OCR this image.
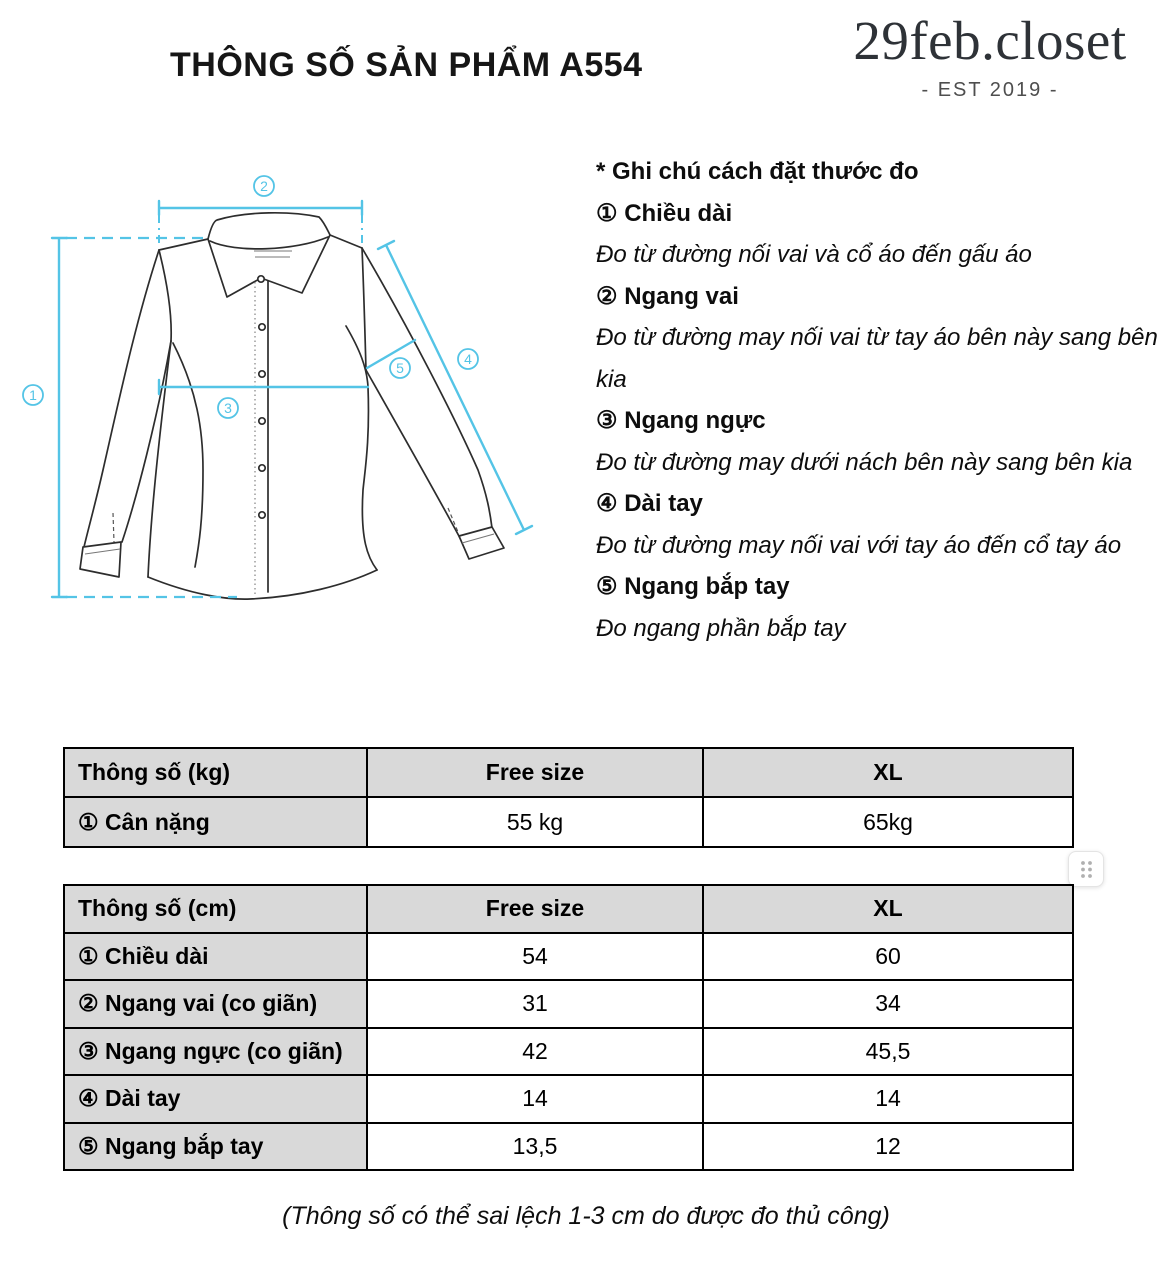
THÔNG SỐ SẢN PHẨM A554	29feb.closet
- EST 2019 -
1
2
3
4
5
* Ghi chú cách đặt thước đo
① Chiều dài
Đo từ đường nối vai và cổ áo đến gấu áo
② Ngang vai
Đo từ đường may nối vai từ tay áo bên này sang bên kia
③ Ngang ngực
Đo từ đường may dưới nách bên này sang bên kia
④ Dài tay
Đo từ đường may nối vai với tay áo đến cổ tay áo
⑤ Ngang bắp tay
Đo ngang phần bắp tay
Thông số (kg)	Free size	XL
① Cân nặng	55 kg	65kg
Thông số (cm)	Free size	XL
① Chiều dài	54	60
② Ngang vai (co giãn)	31	34
③ Ngang ngực (co giãn)	42	45,5
④ Dài tay	14	14
⑤ Ngang bắp tay	13,5	12
(Thông số có thể sai lệch 1-3 cm do được đo thủ công)
